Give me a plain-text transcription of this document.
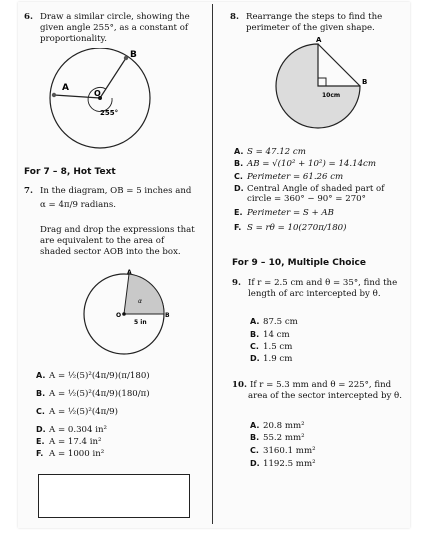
6. Draw a similar circle, showing the
given angle 255°, as a constant of
proportionality.
A
O
B
255°
For 7 – 8, Hot Text
7. In the diagram, OB = 5 inches and
α = 4π/9 radians.
Drag and drop the expressions that
are equivalent to the area of
shaded sector AOB into the box.
A
O	B
α
5 in
A. A = ½(5)²(4π/9)(π/180)
B. A = ½(5)²(4π/9)(180/π)
C. A = ½(5)²(4π/9)
D. A = 0.304 in²
E. A = 17.4 in²
F. A = 1000 in²
8. Rearrange the steps to find the
perimeter of the given shape.
A
B
10cm
A. S = 47.12 cm
B. AB = √(10² + 10²) = 14.14cm
C. Perimeter = 61.26 cm
D. Central Angle of shaded part of
circle = 360° − 90° = 270°
E. Perimeter = S + AB
F. S = rθ = 10(270π/180)
For 9 – 10, Multiple Choice
9. If r = 2.5 cm and θ = 35°, find the
length of arc intercepted by θ.
A. 87.5 cm
B. 14 cm
C. 1.5 cm
D. 1.9 cm
10. If r = 5.3 mm and θ = 225°, find
area of the sector intercepted by θ.
A. 20.8 mm²
B. 55.2 mm²
C. 3160.1 mm²
D. 1192.5 mm²
